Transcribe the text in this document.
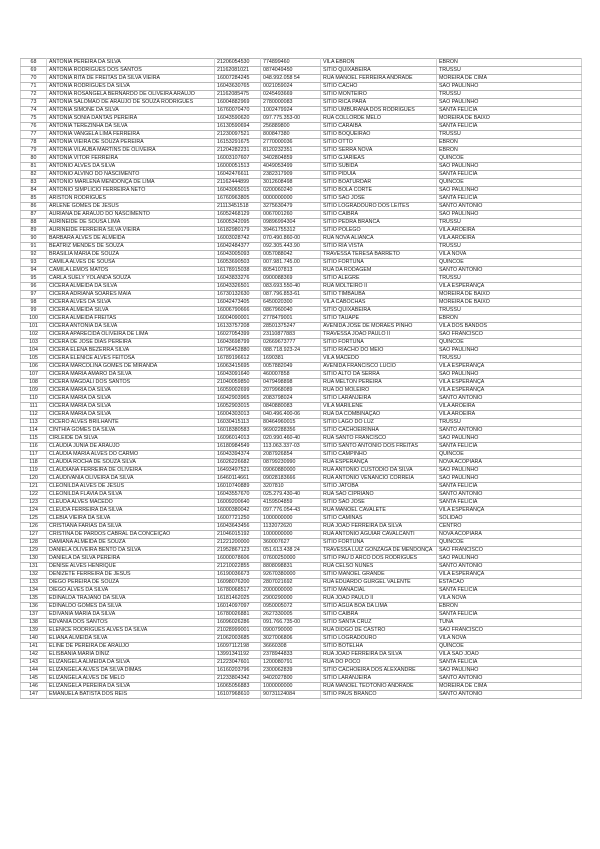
68	ANTONIA PEREIRA DA SILVA	21206054530	774899460	VILA EBRON	EBRON
69	ANTONIA RODRIGUES DOS SANTOS	21162081021	0874049450	SITIO QUIXABEIRA	TRUSSU
70	ANTONIA RITA DE FREITAS DA SILVA VIEIRA	16007284245	048.992.058 54	RUA MANOEL FERREIRA ANDRADE	MOREIRA DE CIMA
71	ANTONIA RODRIGUES DA SILVA	16043630765	0021059024	SITIO CACHO	SÃO PAULINHO
72	ANTONIA ROSANGELA BERNARDO DE OLIVEIRA ARAUJO	21162085475	0245493669	SITIO MONTEIRO	TRUSSU
73	ANTONIA SALOMAO DE ARAUJO DE SOUZA RODRIGUES	16004882969	2780000083	SITIO RICA PARA	SÃO PAULINHO
74	ANTONIA SIMONE DA SILVA	16760070470	1002479924	SITIO UMBURANA DOS RODRIGUES	SANTA FELICIA
75	ANTONIA SONIA DANTAS PEREIRA	16043590620	097.775.353-00	RUA COLLORDE MELO	MOREIRA DE BAIXO
76	ANTONIA TEREZINHA DA SILVA	16130590694	256889800	SITIO CARAIBA	SANTA FELICIA
77	ANTONIA VANGELA LIMA FERREIRA	21230097521	800847380	SITIO BOQUEIRAO	TRUSSU
78	ANTONIA VIEIRA DE SOUZA PEREIRA	16153291675	2770000036	SITIO OTTO	EBRON
79	ANTONIA VILAUBA MARTINS DE OLIVEIRA	21204282231	8120232351	SITIO SERRA NOVA	EBRON
80	ANTONIA VITOR FERREIRA	16003107607	3402804859	SITIO GJARIEAS	QUINCOE
81	ANTONIO ALVES DA SILVA	16000051513	4049053499	SITIO SUBIDA	SÃO PAULINHO
82	ANTONIO ALVINO DO NASCIMENTO	16042476611	2382317909	SITIO PIDUIA	SANTA FELICIA
83	ANTONIO MARLENA MENDONÇA DE LIMA	21162444899	3012608498	SITIO BOATURDAR	QUINCOE
84	ANTONIO SIMPLICIO FERREIRA NETO	16043065015	0200060240	SITIO BOLA CORTE	SÃO PAULINHO
85	ARISTON RODRIGUES	16760963805	0000000000	SITIO SAO JOSE	SANTA FELICIA
86	ARLENE GOMES DE JESUS	21113451518	3275630479	SITIO LOGRADOURO DOS LEITES	SANTO ANTONIO
87	AURIANA DE ARAUJO DO NASCIMENTO	16052468129	0067001260	SITIO CAIBRA	SÃO PAULINHO
88	AURINEIDE DE SOUSA LIMA	16005342095	09896994304	SITIO PEDRA BRANCA	TRUSSU
89	AURINEIDE FERREIRA SILVA VIEIRA	16182980179	39461755312	SITIO POLEGO	VILA AROEIRA
90	BARBARA ALVES DE ALMEIDA	16003028742	070.490.860-00	RUA NOVA ALIANCA	VILA AROEIRA
91	BEATRIZ MENDES DE SOUZA	16042484377	092.305.443.90	SITIO RIA VISTA	TRUSSU
92	BRASILIA MARIA DE SOUZA	16043005093	0057088042	TRAVESSA TERESA BARRETO	VILA NOVA
93	CAMILA ALVES DE SOUSA	16053690503	007.981.745.00	SITIO FORTUNA	QUINCOE
94	CAMILA LEMOS MATOS	16178915038	8054107813	RUA DA RODAGEM	SANTO ANTONIO
95	CARLA SUELY YOLANDA SOUZA	16043833276	0900088369	SITIO ALEGRE	TRUSSU
96	CICERA ALMEIDA DA SILVA	16043326501	083.693.550-40	RUA MOLTEIRO II	VILA ESPERANÇA
97	CICERA ADRIANA SOARES MAIA	16730132630	087.796.853-61	SITIO TIMBAUBA	MOREIRA DE BAIXO
98	CICERA ALVES DA SILVA	16042473405	6450020300	VILA CABOCHAS	MOREIRA DE BAIXO
99	CICERA ALMEIDA SILVA	16006790666	0867960040	SITIO QUIXABEIRA	TRUSSU
100	CICERA ALMEIDA FREITAS	16004090001	2778479001	SITIO TAUAPE	EBRON
101	CICERA ANTONIA DA SILVA	16133757208	28501375247	AVENIDA JOSE DE MORAES PINHO	VILA DOS BANDOS
102	CICERA APARECIDA OLIVEIRA DE LIMA	16027054399	23110877883	TRAVESSA JOAO PAULO II	SÃO FRANCISCO
103	CICERA DE JOSE DIAS PEREIRA	16043698799	02669673777	SITIO FORTUNA	QUINCOE
104	CICERA ELENA BEZERRA SILVA	16796452880	088.718.923-24	SITIO RIACHO DO MEIO	SÃO PAULINHO
105	CICERA ELENICE ALVES FEITOSA	16789196612	1690381	VILA MACEDO	TRUSSU
106	CICERA MARCOLINA GOMES DE MIRANDA	16063415695	0057882049	AVENIDA FRANCISCO LUCIO	VILA ESPERANÇA
107	CICERA MARIA AMARO DA SILVA	16043091640	460007858	SITIO ALTO DA SERRA	SÃO PAULINHO
108	CICERA MAGDALI DOS SANTOS	21040059850	0479498898	RUA MELTON PEREIRA	VILA ESPERANÇA
109	CICERA MARIA DA SILVA	16059002699	2079968089	RUA DO MOLEIRO	VILA ESPERANÇA
110	CICERA MARIA DA SILVA	16042903965	2083798024	SITIO LARANJEIRA	SANTO ANTONIO
111	CICERA MARIA DA SILVA	16052903015	0840880083	VILA MARILENE	VILA AROEIRA
112	CICERA MARIA DA SILVA	16004303013	040.496.400-06	RUA DA COMBINAÇÃO	VILA AROEIRA
113	CICERO ALVES BRILHANTE	16030415113	80464960015	SITIO LAGO DO LUZ	TRUSSU
114	CINTHIA GOMES DA SILVA	16018380583	96902288356	SITIO CACHOEIRINHA	SANTO ANTONIO
115	CIRLEIDE DA SILVA	16096014013	020.990.460-40	RUA SANTO FRANCISCO	SÃO PAULINHO
116	CLAUDIA JUNIA DE ARAUJO	16180984549	113.063.337-03	SITIO SANTO ANTONIO DOS FREITAS	SANTA FELICIA
117	CLAUDIA MARIA ALVES DO CARMO	16043394374	2087926854	SITIO CAMPINHO	QUINCOE
118	CLAUDIA ROCHA DE SOUZA SILVA	16026226682	08799230990	RUA ESPERANÇA	NOVA ACOPIARA
119	CLAUDIANA FERREIRA DE OLIVEIRA	16493497521	09060880000	RUA ANTONIO CUSTODIO DA SILVA	SÃO PAULINHO
120	CLAUDIVANIA OLIVEIRA DA SILVA	16460114661	09028183666	RUA ANTONIO VENANCIO CORREIA	SÃO PAULINHO
121	CLEONILDA ALVES DE JESUS	16010740889	3207810	SITIO JATOBA	SANTA FELICIA
122	CLEONILDA FLAVIA DA SILVA	16043557670	025.279.430-40	RUA SAO CIPRIANO	SANTO ANTONIO
123	CLEUDA ALVES MACEDO	16009200640	4159504859	SITIO SAO JOSE	SANTA FELICIA
124	CLEUDA FERREIRA DA SILVA	16000380042	097.776.054-43	RUA MANOEL CAVALETE	VILA ESPERANÇA
125	CLEBIA VIEIRA DA SILVA	16007721250	1000000000	SITIO CAMINAS	SOLIDAO
126	CRISTIANA FARIAS DA SILVA	16043643456	1132072620	RUA JOAO FERREIRA DA SILVA	CENTRO
127	CRISTINA DE PARDOS CABRAL DA CONCEIÇÃO	21046015192	1000000000	RUA ANTONIO AGUIAR CAVALCANTI	NOVA ACOPIARA
128	DAMIANA ALMEIDA DE SOUZA	21221200000	360007627	SITIO FORTUNA	QUINCOE
129	DANIELA OLIVEIRA BENTO DA SILVA	21952867123	051.613.438 24	TRAVESSA LUIZ GONZAGA DE MENDONÇA	SÃO FRANCISCO
130	DANIELA DA SILVA PEREIRA	16000078606	07600250000	SITIO PAU D ARCO DOS RODRIGUES	SÃO PAULINHO
131	DENISE ALVES HENRIQUE	21210022855	8808098831	RUA CELSO NUNES	SANTO ANTONIO
132	DENIZETE FERREIRA DE JESUS	16190036673	92670380000	SITIO MANOEL GRANDE	VILA ESPERANÇA
133	DIEGO PEREIRA DE SOUZA	16098076200	2807021692	RUA EDUARDO GURGEL VALENTE	ESTACAO
134	DIEGO ALVES DA SILVA	16780068517	2000000000	SITIO MANACIAL	SANTA FELICIA
135	EDINALDA TRAJANO DA SILVA	16181462025	2900290000	RUA JOAO PAULO II	VILA NOVA
136	EDINALDO GOMES DA SILVA	16014097097	0950005072	SITIO AGUA BOA DA LIMA	EBRON
137	EDIVANIA MARIA DA SILVA	16780026881	2627330005	SITIO CAIBRA	SANTA FELICIA
138	EDVANIA DOS SANTOS	16096026286	091.766.735-00	SITIO SANTA CRUZ	TUNA
139	ELENICE RODRIGUES ALVES DA SILVA	21028999001	0900790000	RUA DIOGO DE CASTRO	SÃO FRANCISCO
140	ELIANA ALMEIDA SILVA	21062003685	3027006806	SITIO LOGRADOURO	VILA NOVA
141	ELINE DE PEREIRA DE ARAUJO	16097112198	36660308	SITIO BOTELHA	QUINCOE
142	ELISBANIA MARIA DINIZ	13991341192	2378944833	RUA JOAO FERREIRA DA SILVA	VILA SAO JOAO
143	ELIZANGELA ALMEIDA DA SILVA	21223047601	1200080791	RUA DO POCO	SANTA FELICIA
144	ELIZANGELA ALVES DA SILVA DIMAS	16160203796	2300062839	SITIO CACHOEIRA DOS ALEXANDRE	SÃO PAULINHO
145	ELIZANGELA ALVES DE MELO	21233804342	9402027800	SITIO LARANJEIRA	SANTO ANTONIO
146	ELIZANGELA PEREIRA DA SILVA	16065056883	1000000000	RUA MANOEL TEOTONIO ANDRADE	MOREIRA DE CIMA
147	EMANUELA BATISTA DOS REIS	16107968610	90731124084	SITIO PAUS BRANCO	SANTO ANTONIO
